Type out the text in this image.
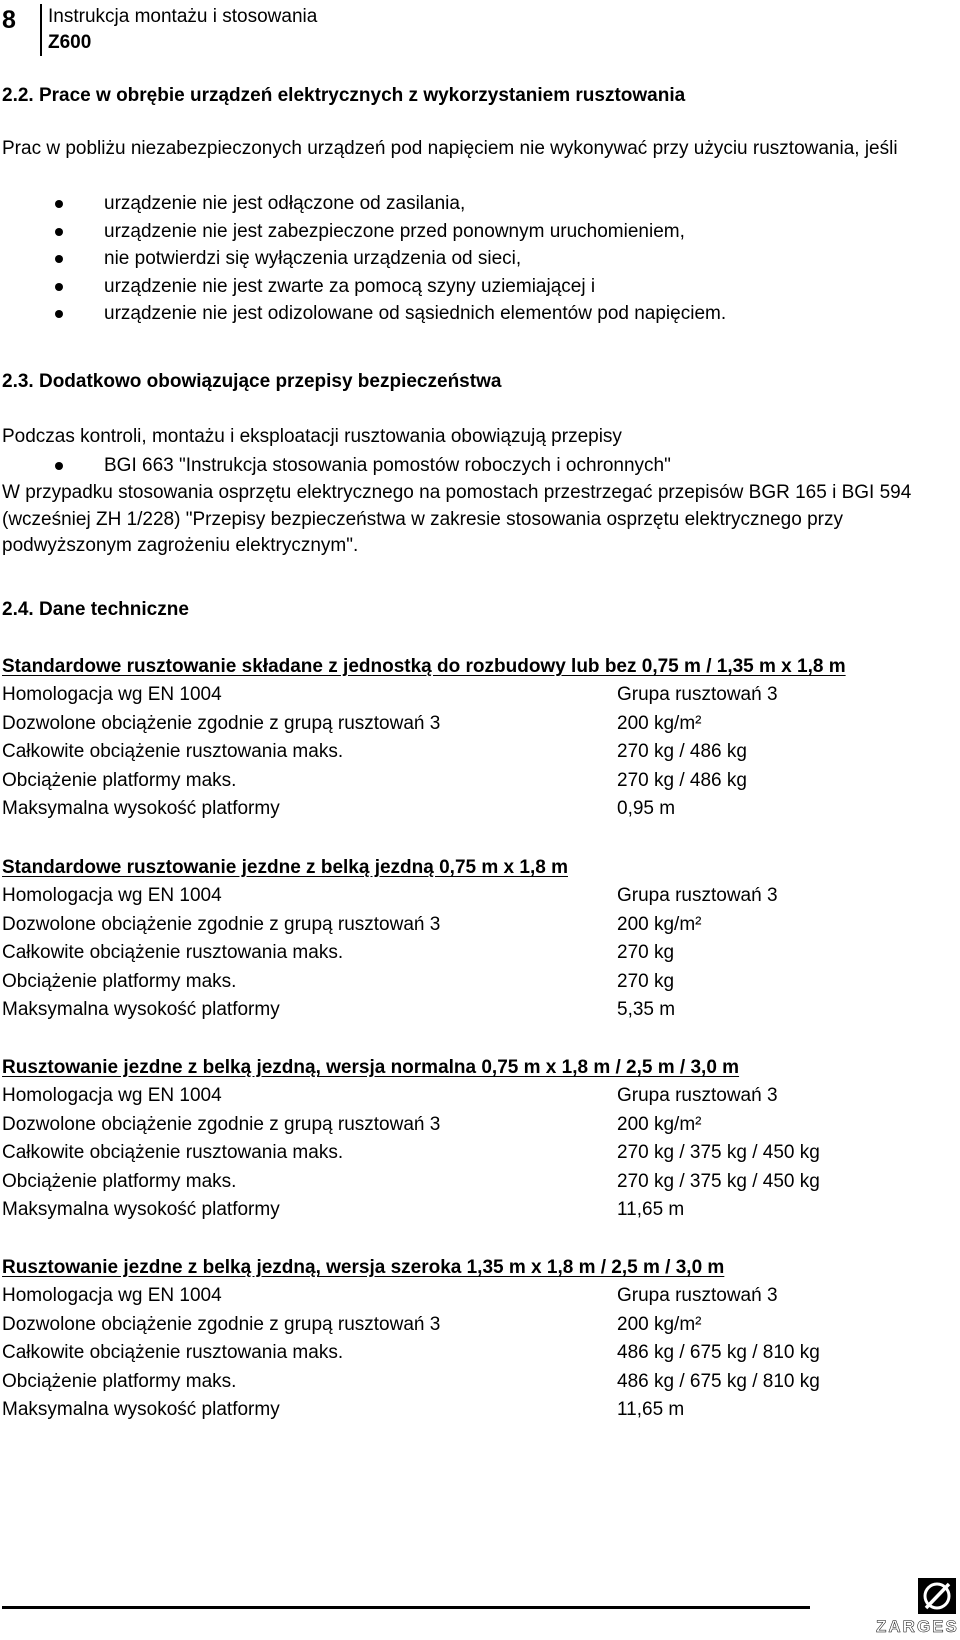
8 Instrukcja montażu i stosowania
Z600
2.2. Prace w obrębie urządzeń elektrycznych z wykorzystaniem rusztowania
Prac w pobliżu niezabezpieczonych urządzeń pod napięciem nie wykonywać przy użyciu rusztowania, jeśli
urządzenie nie jest odłączone od zasilania,
urządzenie nie jest zabezpieczone przed ponownym uruchomieniem,
nie potwierdzi się wyłączenia urządzenia od sieci,
urządzenie nie jest zwarte za pomocą szyny uziemiającej i
urządzenie nie jest odizolowane od sąsiednich elementów pod napięciem.
2.3. Dodatkowo obowiązujące przepisy bezpieczeństwa
Podczas kontroli, montażu i eksploatacji rusztowania obowiązują przepisy
BGI 663 "Instrukcja stosowania pomostów roboczych i ochronnych"
W przypadku stosowania osprzętu elektrycznego na pomostach przestrzegać przepisów BGR 165 i BGI 594 (wcześniej ZH 1/228) "Przepisy bezpieczeństwa w zakresie stosowania osprzętu elektrycznego przy podwyższonym zagrożeniu elektrycznym".
2.4. Dane techniczne
Standardowe rusztowanie składane z jednostką do rozbudowy lub bez 0,75 m / 1,35 m x 1,8 m
Homologacja wg EN 1004	Grupa rusztowań 3
Dozwolone obciążenie zgodnie z grupą rusztowań 3	200 kg/m²
Całkowite obciążenie rusztowania maks.	270 kg / 486 kg
Obciążenie platformy maks.	270 kg / 486 kg
Maksymalna wysokość platformy	0,95 m
Standardowe rusztowanie jezdne z belką jezdną 0,75 m x 1,8 m
Homologacja wg EN 1004	Grupa rusztowań 3
Dozwolone obciążenie zgodnie z grupą rusztowań 3	200 kg/m²
Całkowite obciążenie rusztowania maks.	270 kg
Obciążenie platformy maks.	270 kg
Maksymalna wysokość platformy	5,35 m
Rusztowanie jezdne z belką jezdną, wersja normalna 0,75 m x 1,8 m / 2,5 m / 3,0 m
Homologacja wg EN 1004	Grupa rusztowań 3
Dozwolone obciążenie zgodnie z grupą rusztowań 3	200 kg/m²
Całkowite obciążenie rusztowania maks.	270 kg / 375 kg / 450 kg
Obciążenie platformy maks.	270 kg / 375 kg / 450 kg
Maksymalna wysokość platformy	11,65 m
Rusztowanie jezdne z belką jezdną, wersja szeroka 1,35 m x 1,8 m / 2,5 m / 3,0 m
Homologacja wg EN 1004	Grupa rusztowań 3
Dozwolone obciążenie zgodnie z grupą rusztowań 3	200 kg/m²
Całkowite obciążenie rusztowania maks.	486 kg / 675 kg / 810 kg
Obciążenie platformy maks.	486 kg / 675 kg / 810 kg
Maksymalna wysokość platformy	11,65 m
ZARGES
